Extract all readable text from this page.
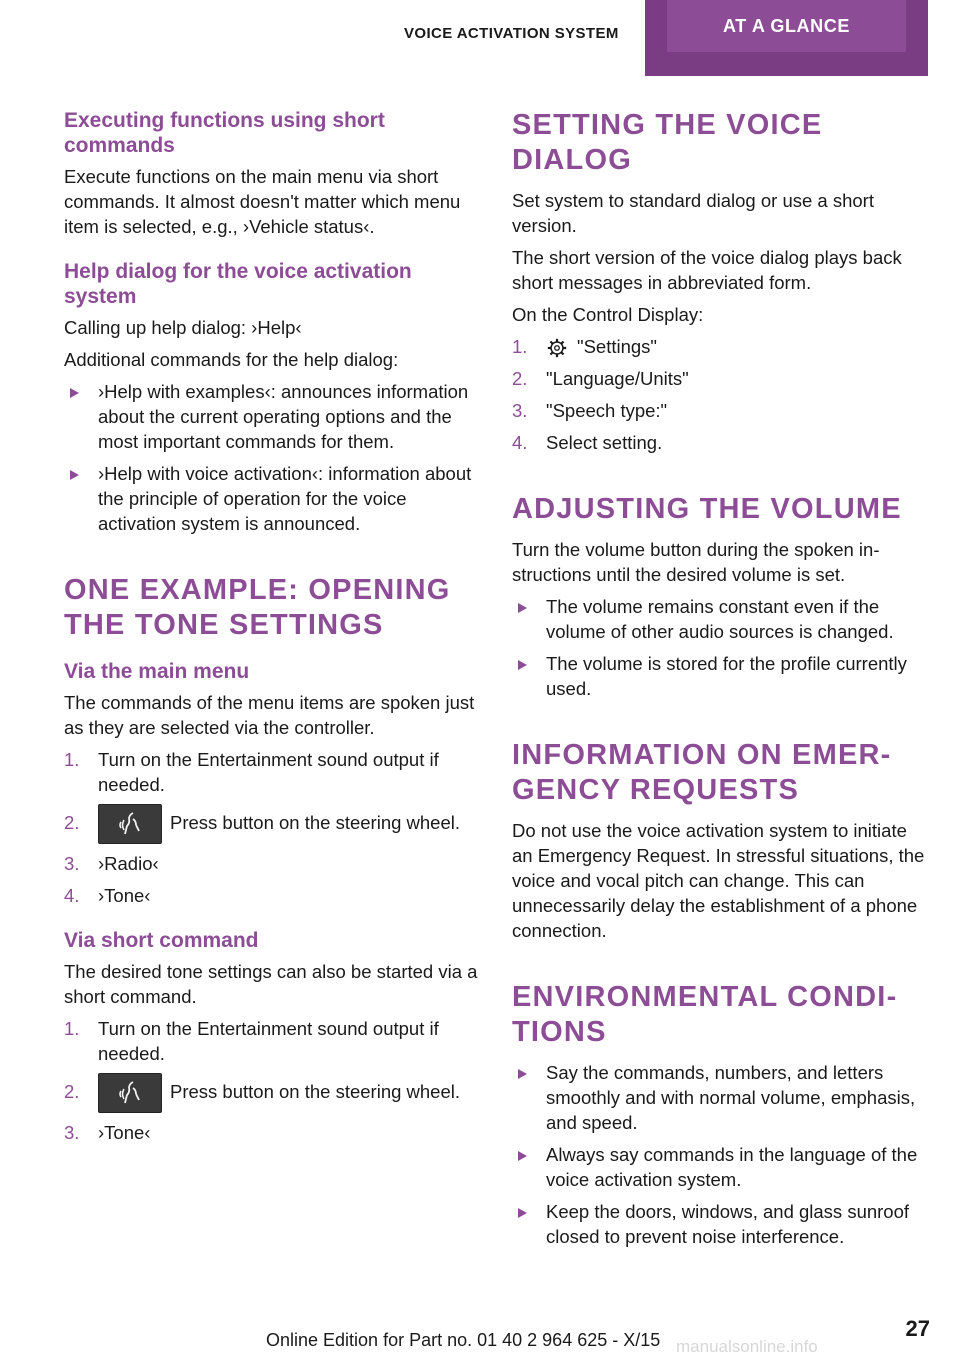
VOICE ACTIVATION SYSTEM	AT A GLANCE
Executing functions using short commands

Execute functions on the main menu via short commands. It almost doesn't matter which menu item is selected, e.g., ›Vehicle status‹.

Help dialog for the voice activation system

Calling up help dialog: ›Help‹

Additional commands for the help dialog:

›Help with examples‹: announces information about the current operating options and the most important commands for them.
›Help with voice activation‹: information about the principle of operation for the voice activation system is announced.
ONE EXAMPLE: OPENING THE TONE SETTINGS
Via the main menu

The commands of the menu items are spoken just as they are selected via the controller.

1. Turn on the Entertainment sound output if needed.
2.	Press button on the steering wheel.
3. ›Radio‹
4. ›Tone‹
Via short command

The desired tone settings can also be started via a short command.

1. Turn on the Entertainment sound output if needed.
2.	Press button on the steering wheel.
3. ›Tone‹
SETTING THE VOICE DIALOG

Set system to standard dialog or use a short version.

The short version of the voice dialog plays back short messages in abbreviated form.

On the Control Display:

1.	"Settings"
2. "Language/Units"
3. "Speech type:"
4. Select setting.
ADJUSTING THE VOLUME

Turn the volume button during the spoken instructions until the desired volume is set.

The volume remains constant even if the volume of other audio sources is changed.
The volume is stored for the profile currently used.
INFORMATION ON EMERGENCY REQUESTS

Do not use the voice activation system to initiate an Emergency Request. In stressful situations, the voice and vocal pitch can change. This can unnecessarily delay the establishment of a phone connection.

ENVIRONMENTAL CONDITIONS
Say the commands, numbers, and letters smoothly and with normal volume, emphasis, and speed.
Always say commands in the language of the voice activation system.
Keep the doors, windows, and glass sunroof closed to prevent noise interference.
Online Edition for Part no. 01 40 2 964 625 - X/15	27
manualsonline.info
